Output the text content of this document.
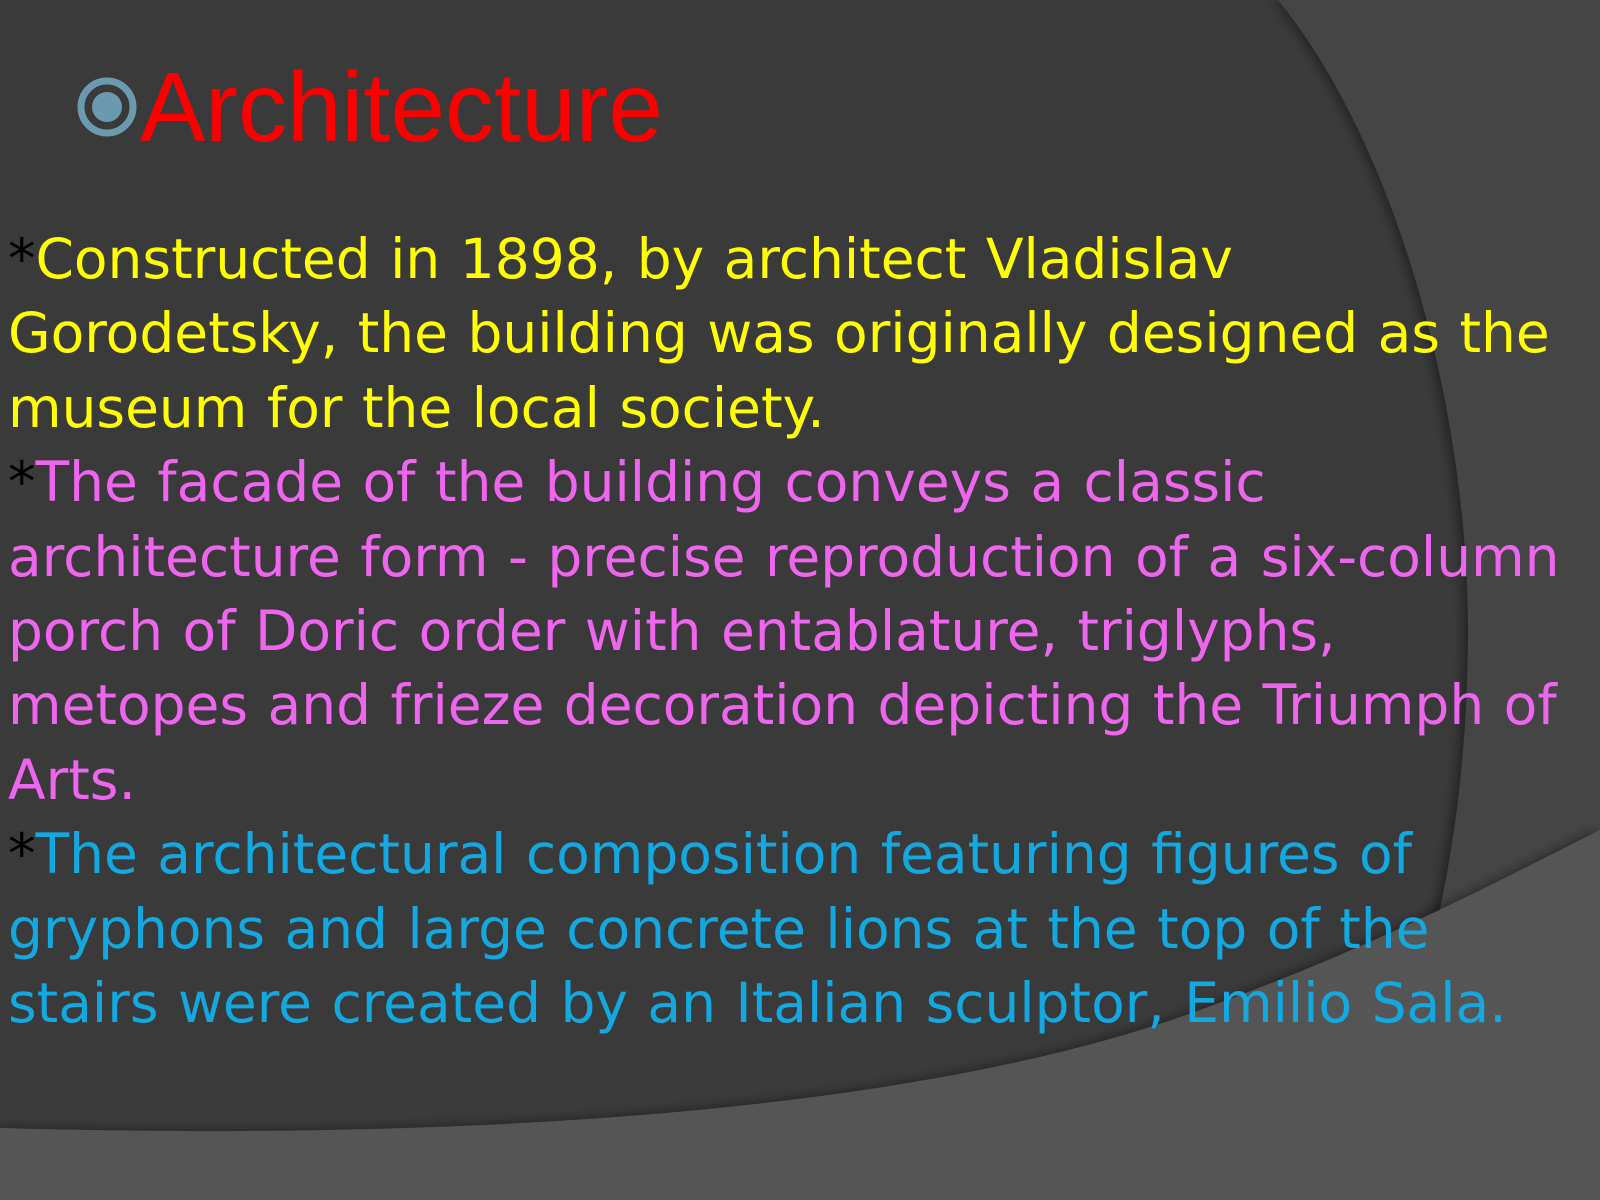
Architecture

*Constructed in 1898, by architect Vladislav Gorodetsky, the building was originally designed as the museum for the local society.

*The facade of the building conveys a classic architecture form - precise reproduction of a six-column porch of Doric order with entablature, triglyphs, metopes and frieze decoration depicting the Triumph of Arts.

*The architectural composition featuring figures of gryphons and large concrete lions at the top of the stairs were created by an Italian sculptor, Emilio Sala.
